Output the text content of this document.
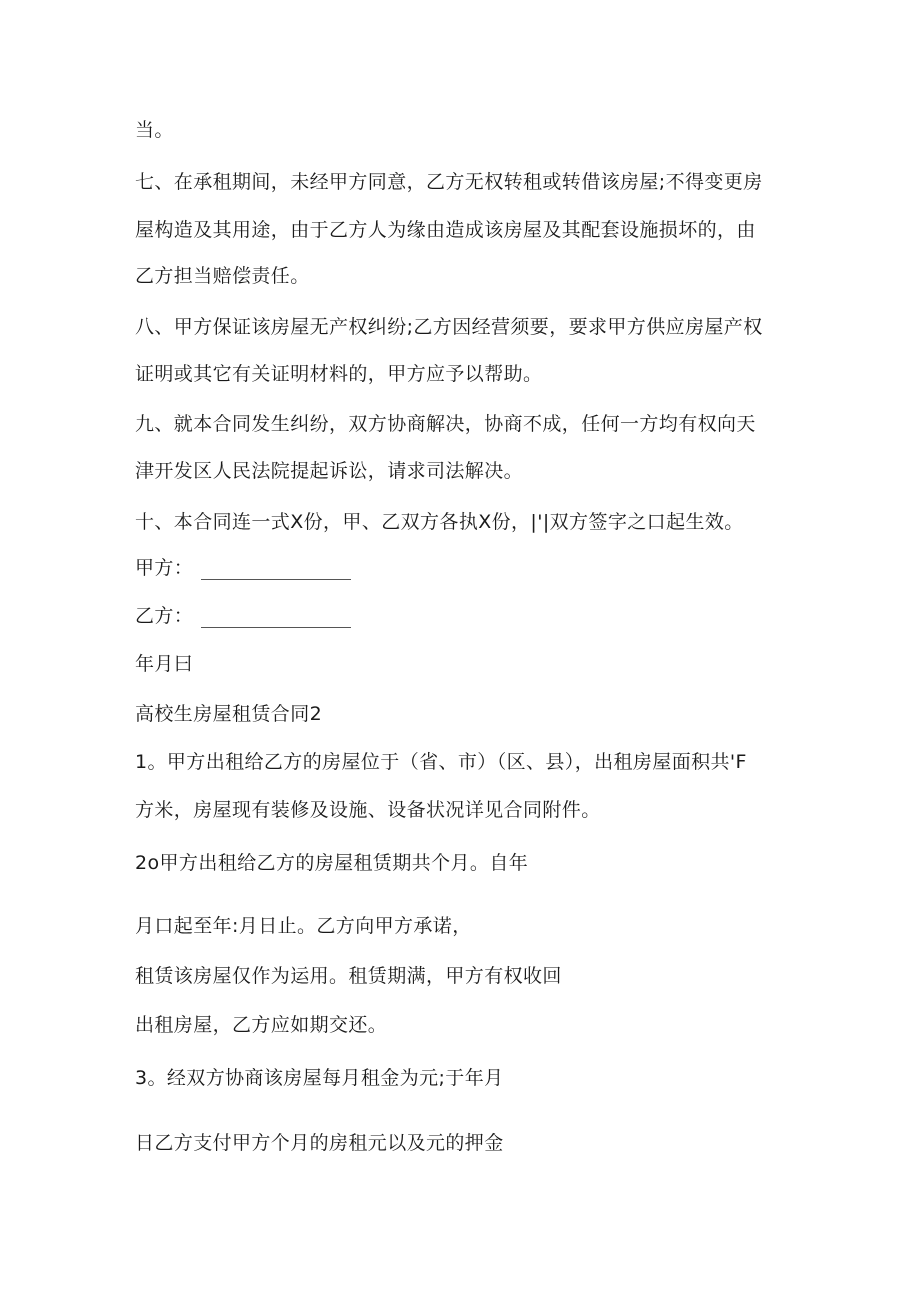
当。
七、在承租期间，未经甲方同意，乙方无权转租或转借该房屋;不得变更房
屋构造及其用途，由于乙方人为缘由造成该房屋及其配套设施损坏的，由
乙方担当赔偿责任。
八、甲方保证该房屋无产权纠纷;乙方因经营须要，要求甲方供应房屋产权
证明或其它有关证明材料的，甲方应予以帮助。
九、就本合同发生纠纷，双方协商解决，协商不成，任何一方均有权向天
津开发区人民法院提起诉讼，请求司法解决。
十、本合同连一式X份，甲、乙双方各执X份，|'|双方签字之口起生效。
甲方：
乙方：
年月曰
高校生房屋租赁合同2
1。甲方出租给乙方的房屋位于（省、市）（区、县），出租房屋面积共'F
方米，房屋现有装修及设施、设备状况详见合同附件。
2o甲方出租给乙方的房屋租赁期共个月。自年
月口起至年:月日止。乙方向甲方承诺，
租赁该房屋仅作为运用。租赁期满，甲方有权收回
出租房屋，乙方应如期交还。
3。经双方协商该房屋每月租金为元;于年月
日乙方支付甲方个月的房租元以及元的押金
